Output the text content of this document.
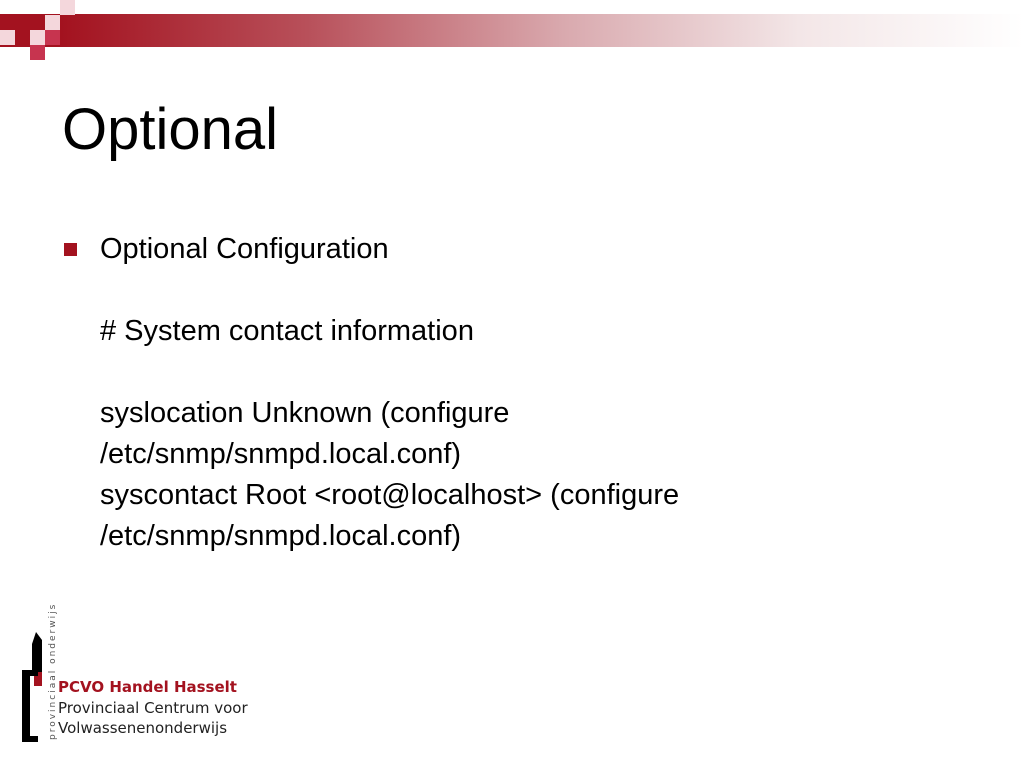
Optional
Optional Configuration
# System contact information
syslocation Unknown (configure
/etc/snmp/snmpd.local.conf)
syscontact Root <root@localhost> (configure
/etc/snmp/snmpd.local.conf)
provinciaal onderwijs PCVO Handel Hasselt
Provinciaal Centrum voor
Volwassenenonderwijs
